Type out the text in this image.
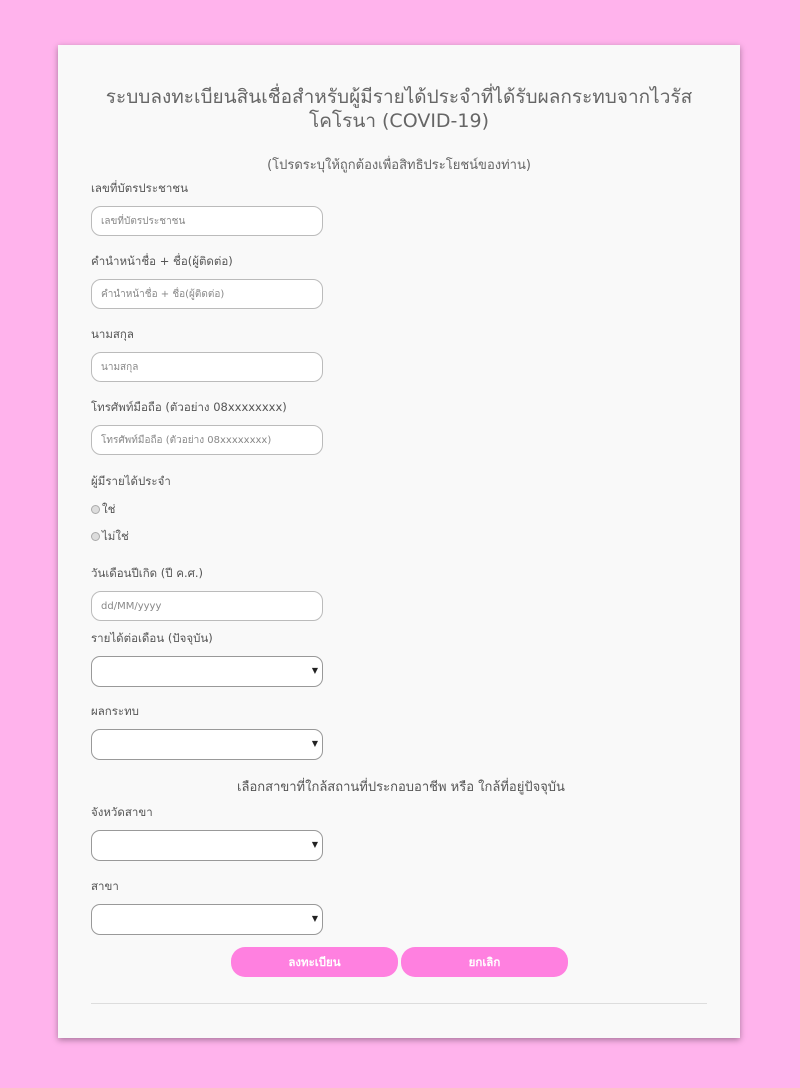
ระบบลงทะเบียนสินเชื่อสำหรับผู้มีรายได้ประจำที่ได้รับผลกระทบจากไวรัสโคโรนา (COVID-19)
(โปรดระบุให้ถูกต้องเพื่อสิทธิประโยชน์ของท่าน)
เลขที่บัตรประชาชน
เลขที่บัตรประชาชน
คำนำหน้าชื่อ + ชื่อ(ผู้ติดต่อ)
คำนำหน้าชื่อ + ชื่อ(ผู้ติดต่อ)
นามสกุล
นามสกุล
โทรศัพท์มือถือ (ตัวอย่าง 08xxxxxxxx)
โทรศัพท์มือถือ (ตัวอย่าง 08xxxxxxxx)
ผู้มีรายได้ประจำ
ใช่
ไม่ใช่
วันเดือนปีเกิด (ปี ค.ศ.)
dd/MM/yyyy
รายได้ต่อเดือน (ปัจจุบัน)
▼
ผลกระทบ
▼
เลือกสาขาที่ใกล้สถานที่ประกอบอาชีพ หรือ ใกล้ที่อยู่ปัจจุบัน
จังหวัดสาขา
▼
สาขา
▼
ลงทะเบียน	ยกเลิก
